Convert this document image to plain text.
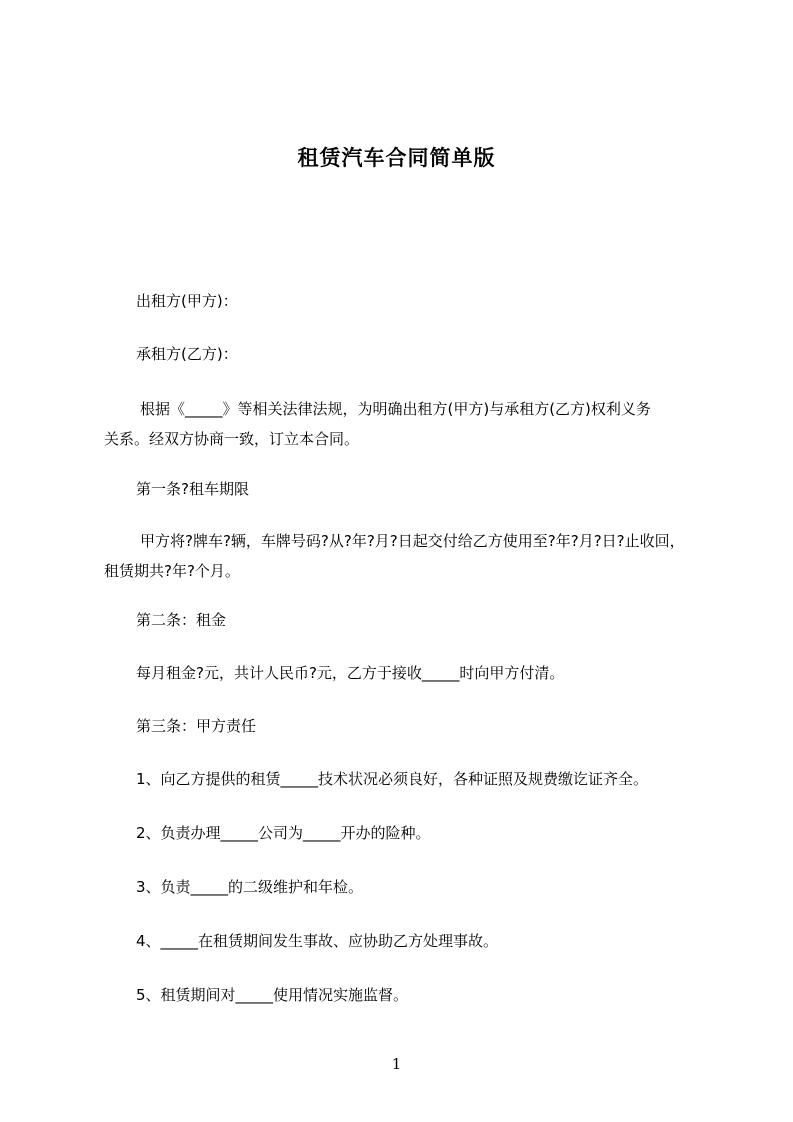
租赁汽车合同简单版
出租方(甲方)：
承租方(乙方)：
根据《_____》等相关法律法规，为明确出租方(甲方)与承租方(乙方)权利义务
关系。经双方协商一致，订立本合同。
第一条?租车期限
甲方将?牌车?辆，车牌号码?从?年?月?日起交付给乙方使用至?年?月?日?止收回，
租赁期共?年?个月。
第二条：租金
每月租金?元，共计人民币?元，乙方于接收_____时向甲方付清。
第三条：甲方责任
1、向乙方提供的租赁_____技术状况必须良好，各种证照及规费缴讫证齐全。
2、负责办理_____公司为_____开办的险种。
3、负责_____的二级维护和年检。
4、_____在租赁期间发生事故、应协助乙方处理事故。
5、租赁期间对_____使用情况实施监督。
1
